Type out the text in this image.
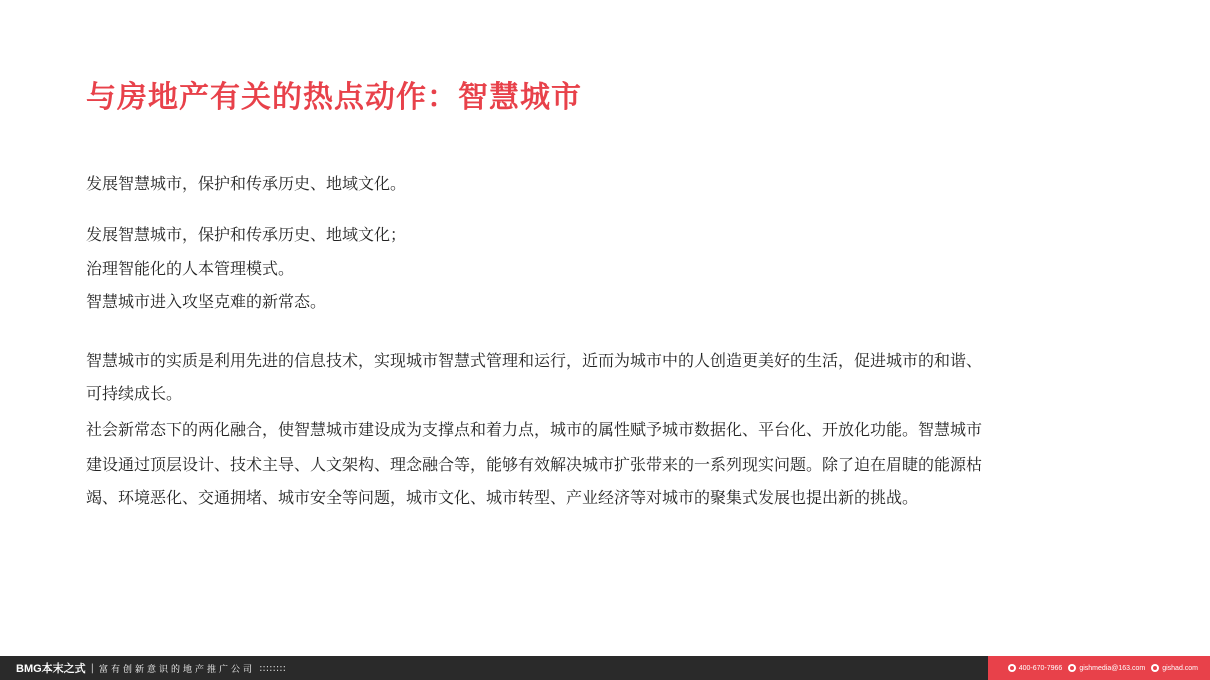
与房地产有关的热点动作：智慧城市
发展智慧城市，保护和传承历史、地域文化。
发展智慧城市，保护和传承历史、地域文化；
治理智能化的人本管理模式。
智慧城市进入攻坚克难的新常态。
智慧城市的实质是利用先进的信息技术，实现城市智慧式管理和运行，近而为城市中的人创造更美好的生活，促进城市的和谐、
可持续成长。
社会新常态下的两化融合，使智慧城市建设成为支撑点和着力点，城市的属性赋予城市数据化、平台化、开放化功能。智慧城市
建设通过顶层设计、技术主导、人文架构、理念融合等，能够有效解决城市扩张带来的一系列现实问题。除了迫在眉睫的能源枯
竭、环境恶化、交通拥堵、城市安全等问题，城市文化、城市转型、产业经济等对城市的聚集式发展也提出新的挑战。
BMG本末之式 | 富有创新意识的地产推广公司 ::::::::	400-670-7966 gishmedia@163.com gishad.com
